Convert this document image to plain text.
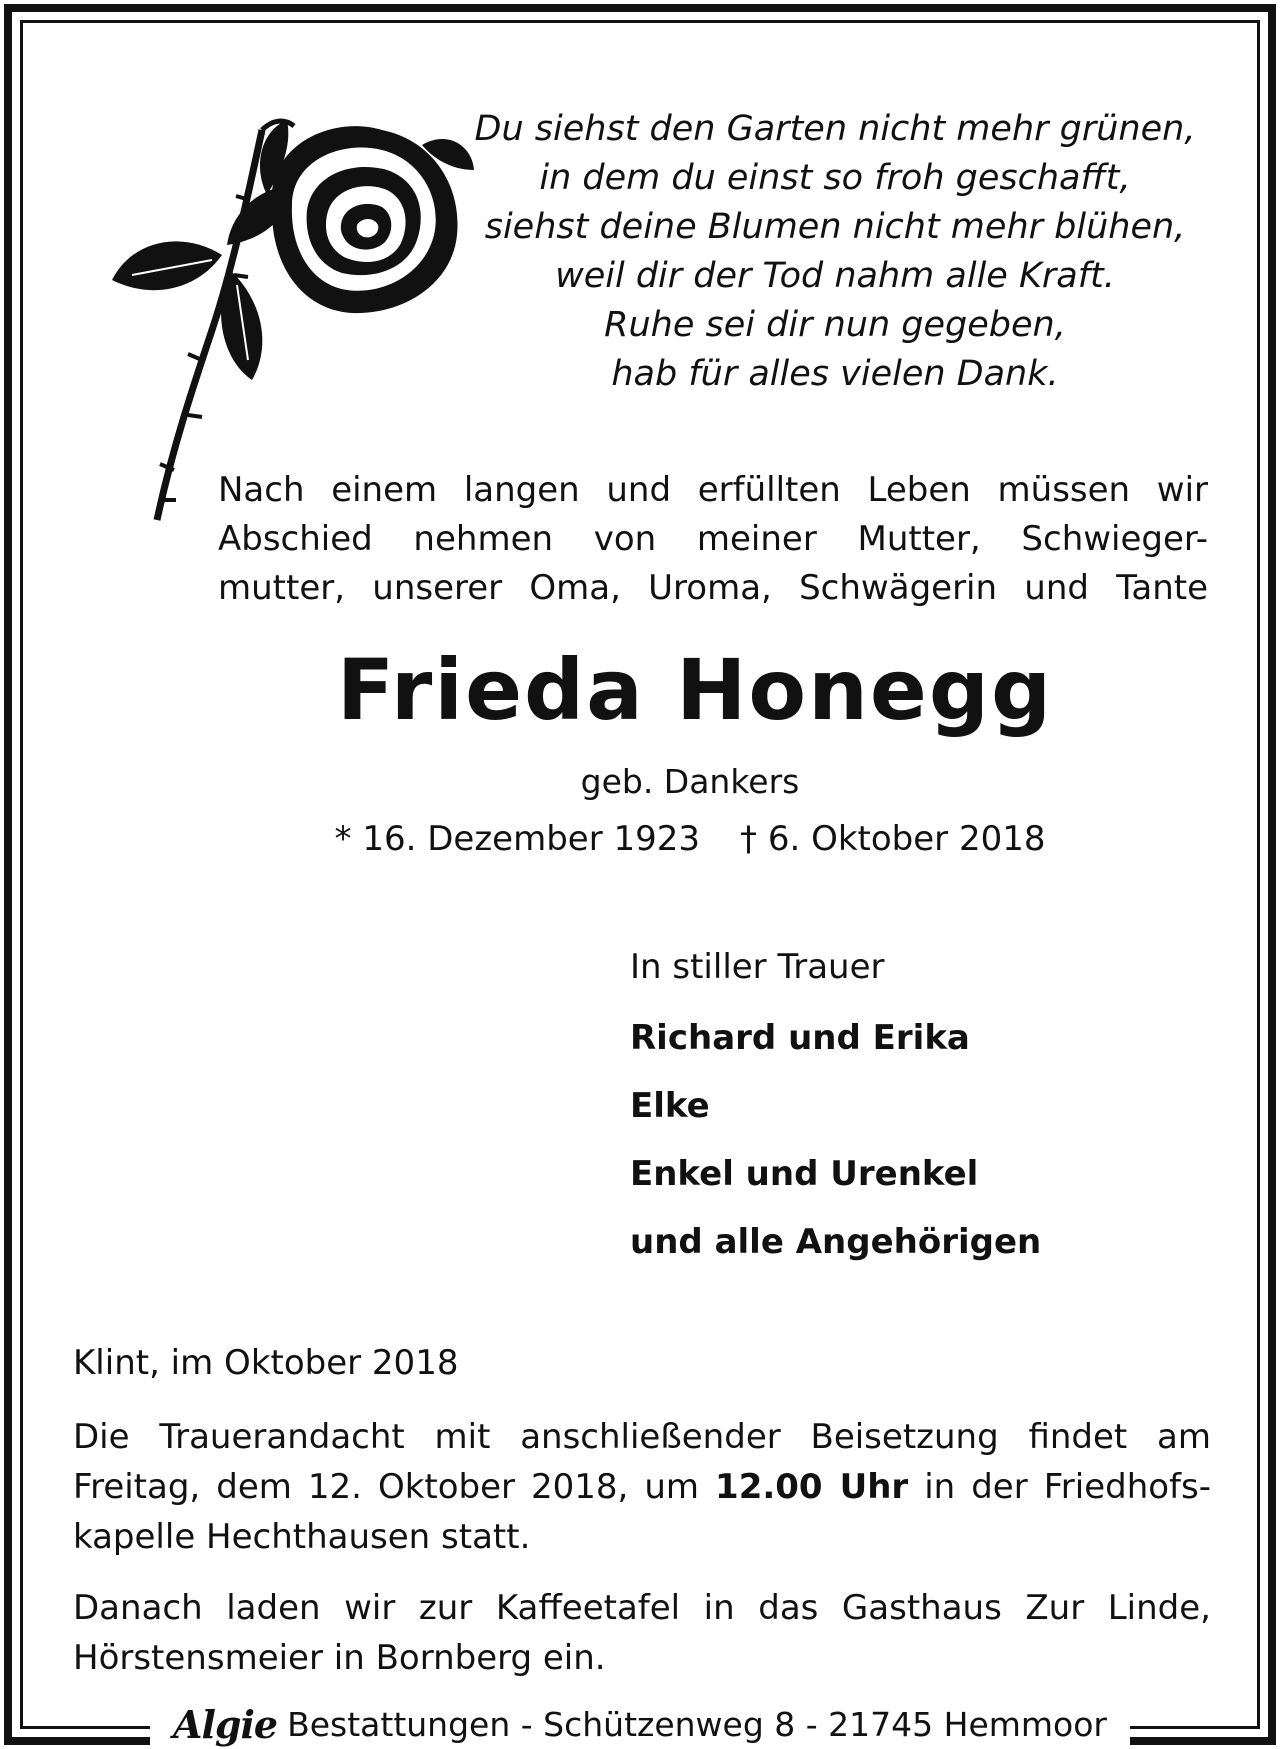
Du siehst den Garten nicht mehr grünen,
in dem du einst so froh geschafft,
siehst deine Blumen nicht mehr blühen,
weil dir der Tod nahm alle Kraft.
Ruhe sei dir nun gegeben,
hab für alles vielen Dank.
Nach einem langen und erfüllten Leben müssen wir
Abschied nehmen von meiner Mutter, Schwieger-
mutter, unserer Oma, Uroma, Schwägerin und Tante
Frieda Honegg
geb. Dankers
* 16. Dezember 1923 † 6. Oktober 2018
In stiller Trauer
Richard und Erika
Elke
Enkel und Urenkel
und alle Angehörigen
Klint, im Oktober 2018
Die Trauerandacht mit anschließender Beisetzung findet am
Freitag, dem 12. Oktober 2018, um 12.00 Uhr in der Friedhofs-
kapelle Hechthausen statt.
Danach laden wir zur Kaffeetafel in das Gasthaus Zur Linde,
Hörstensmeier in Bornberg ein.
Algie Bestattungen - Schützenweg 8 - 21745 Hemmoor
